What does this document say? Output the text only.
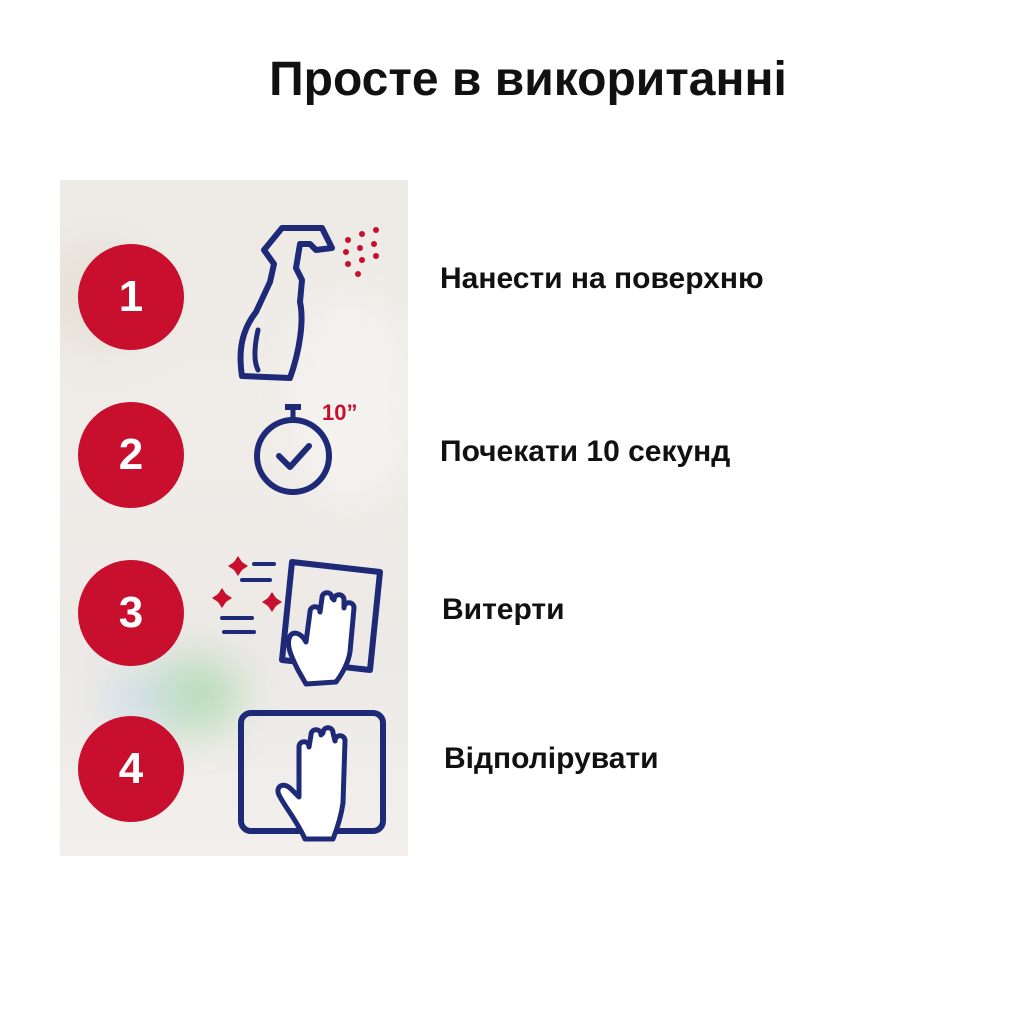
Просте в викоританні
1
2
10”
3
4
Нанести на поверхню
Почекати 10 секунд
Витерти
Відполірувати
